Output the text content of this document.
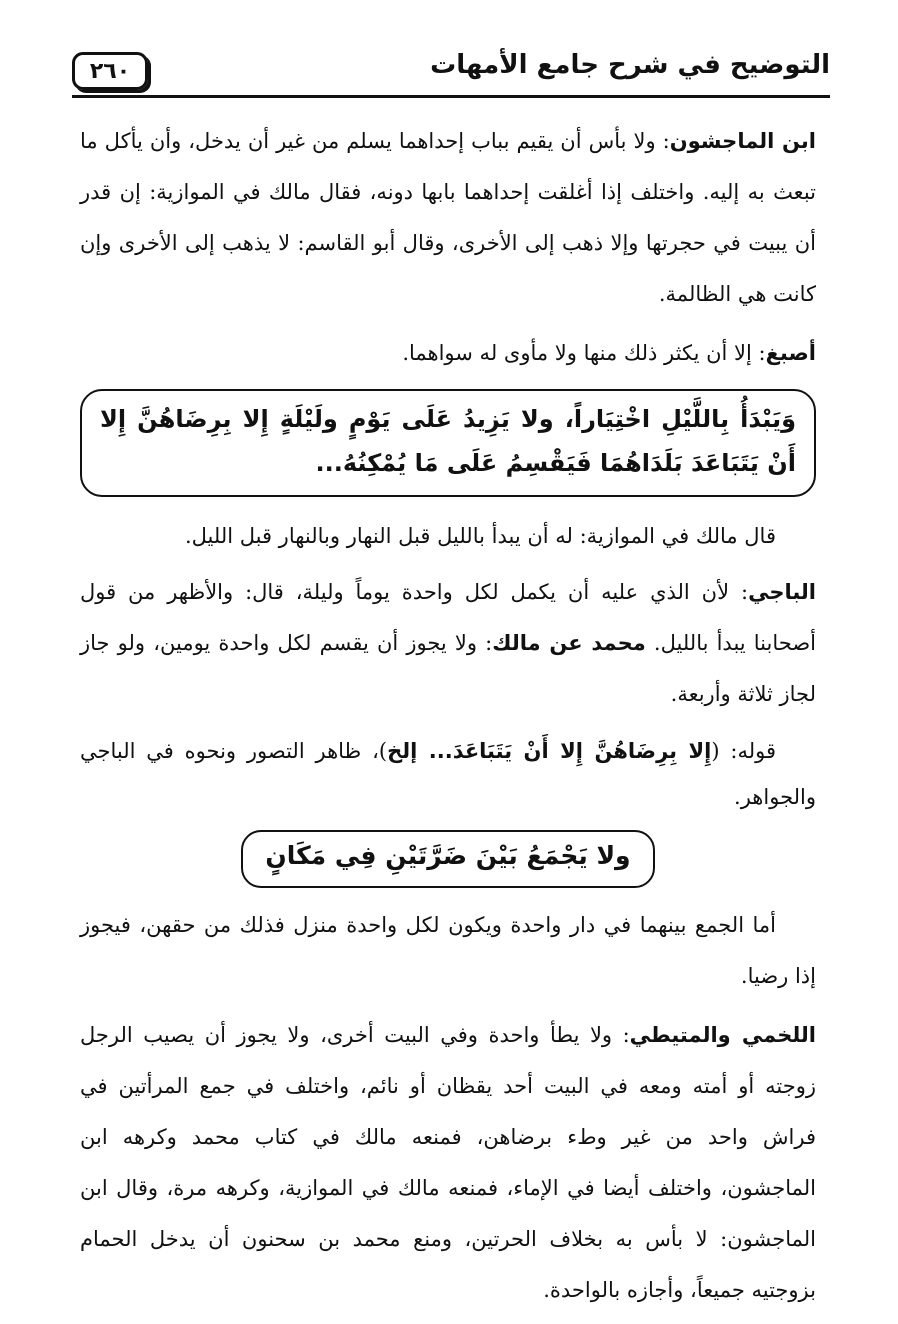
٢٦٠	التوضيح في شرح جامع الأمهات

ابن الماجشون: ولا بأس أن يقيم بباب إحداهما يسلم من غير أن يدخل، وأن يأكل ما تبعث به إليه. واختلف إذا أغلقت إحداهما بابها دونه، فقال مالك في الموازية: إن قدر أن يبيت في حجرتها وإلا ذهب إلى الأخرى، وقال أبو القاسم: لا يذهب إلى الأخرى وإن كانت هي الظالمة.

أصبغ: إلا أن يكثر ذلك منها ولا مأوى له سواهما.

وَيَبْدَأُ بِاللَّيْلِ اخْتِيَاراً، ولا يَزِيدُ عَلَى يَوْمٍ ولَيْلَةٍ إِلا بِرِضَاهُنَّ إِلا أَنْ يَتَبَاعَدَ بَلَدَاهُمَا فَيَقْسِمُ عَلَى مَا يُمْكِنُهُ...

قال مالك في الموازية: له أن يبدأ بالليل قبل النهار وبالنهار قبل الليل.

الباجي: لأن الذي عليه أن يكمل لكل واحدة يوماً وليلة، قال: والأظهر من قول أصحابنا يبدأ بالليل. محمد عن مالك: ولا يجوز أن يقسم لكل واحدة يومين، ولو جاز لجاز ثلاثة وأربعة.

قوله: (إِلا بِرِضَاهُنَّ إِلا أَنْ يَتَبَاعَدَ... إلخ)، ظاهر التصور ونحوه في الباجي والجواهر.

ولا يَجْمَعُ بَيْنَ ضَرَّتَيْنِ فِي مَكَانٍ

أما الجمع بينهما في دار واحدة ويكون لكل واحدة منزل فذلك من حقهن، فيجوز إذا رضيا.

اللخمي والمتيطي: ولا يطأ واحدة وفي البيت أخرى، ولا يجوز أن يصيب الرجل زوجته أو أمته ومعه في البيت أحد يقظان أو نائم، واختلف في جمع المرأتين في فراش واحد من غير وطء برضاهن، فمنعه مالك في كتاب محمد وكرهه ابن الماجشون، واختلف أيضا في الإماء، فمنعه مالك في الموازية، وكرهه مرة، وقال ابن الماجشون: لا بأس به بخلاف الحرتين، ومنع محمد بن سحنون أن يدخل الحمام بزوجتيه جميعاً، وأجازه بالواحدة.
